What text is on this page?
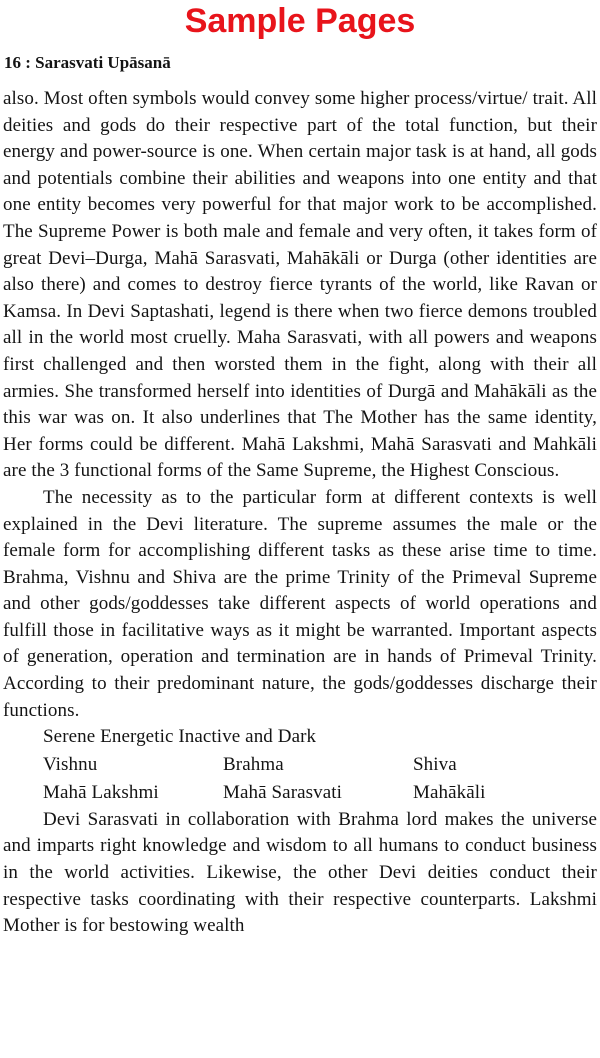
Sample Pages
16 : Sarasvati Upāsanā

also. Most often symbols would convey some higher process/virtue/ trait. All deities and gods do their respective part of the total function, but their energy and power-source is one. When certain major task is at hand, all gods and potentials combine their abilities and weapons into one entity and that one entity becomes very powerful for that major work to be accomplished. The Supreme Power is both male and female and very often, it takes form of great Devi–Durga, Mahā Sarasvati, Mahākāli or Durga (other identities are also there) and comes to destroy fierce tyrants of the world, like Ravan or Kamsa. In Devi Saptashati, legend is there when two fierce demons troubled all in the world most cruelly. Maha Sarasvati, with all powers and weapons first challenged and then worsted them in the fight, along with their all armies. She transformed herself into identities of Durgā and Mahākāli as the this war was on. It also underlines that The Mother has the same identity, Her forms could be different. Mahā Lakshmi, Mahā Sarasvati and Mahkāli are the 3 functional forms of the Same Supreme, the Highest Conscious.

The necessity as to the particular form at different contexts is well explained in the Devi literature. The supreme assumes the male or the female form for accomplishing different tasks as these arise time to time. Brahma, Vishnu and Shiva are the prime Trinity of the Primeval Supreme and other gods/goddesses take different aspects of world operations and fulfill those in facilitative ways as it might be warranted. Important aspects of generation, operation and termination are in hands of Primeval Trinity. According to their predominant nature, the gods/goddesses discharge their functions.

Serene Energetic Inactive and Dark

Vishnu	Brahma	Shiva
Mahā Lakshmi	Mahā Sarasvati	Mahākāli

Devi Sarasvati in collaboration with Brahma lord makes the universe and imparts right knowledge and wisdom to all humans to conduct business in the world activities. Likewise, the other Devi deities conduct their respective tasks coordinating with their respective counterparts. Lakshmi Mother is for bestowing wealth
